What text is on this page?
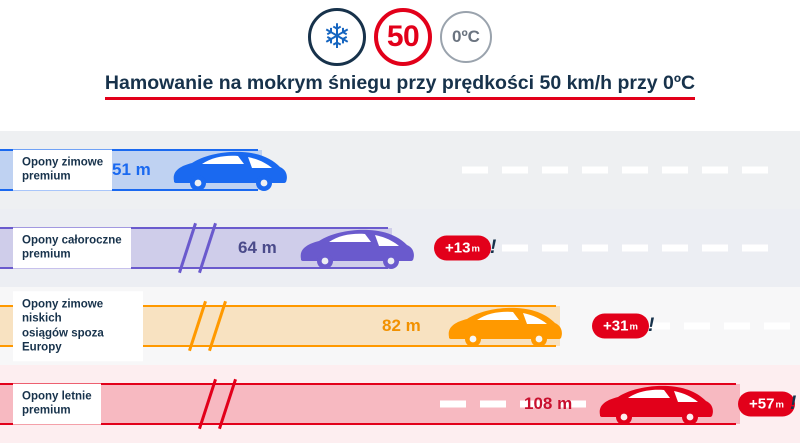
❄ 50 0ºC
Hamowanie na mokrym śniegu przy prędkości 50 km/h przy 0ºC
Opony zimowe
premium	51 m
Opony całoroczne
premium	64 m	+13 m !
Opony zimowe niskich
osiągów spoza Europy
82 m	+31 m !
Opony letnie
premium	108 m	+57 m !
